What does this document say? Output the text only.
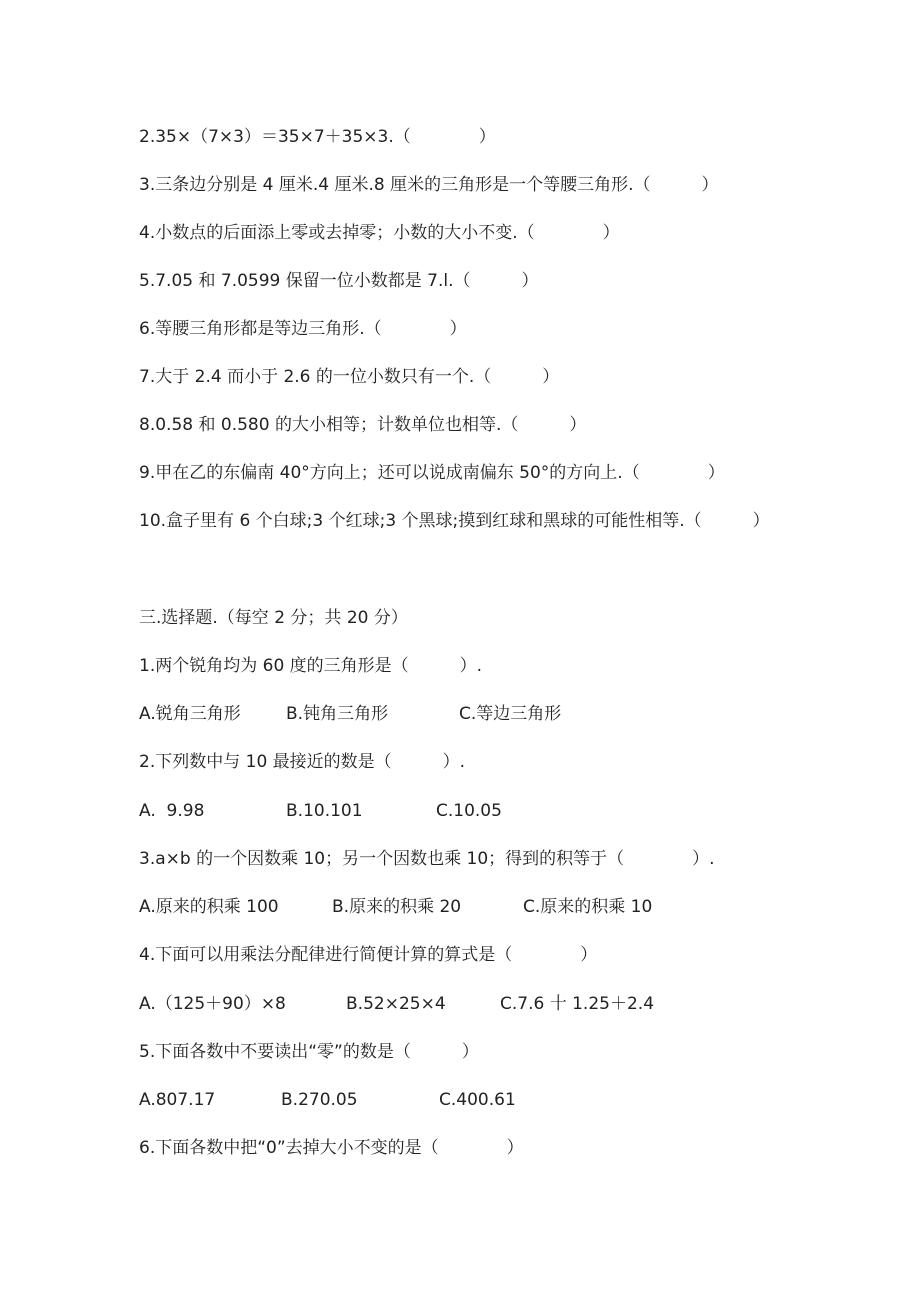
2.35×（7×3）＝35×7＋35×3.（　　　　）
3.三条边分别是 4 厘米.4 厘米.8 厘米的三角形是一个等腰三角形.（　　　）
4.小数点的后面添上零或去掉零；小数的大小不变.（　　　　）
5.7.05 和 7.0599 保留一位小数都是 7.l.（　　　）
6.等腰三角形都是等边三角形.（　　　　）
7.大于 2.4 而小于 2.6 的一位小数只有一个.（　　　）
8.0.58 和 0.580 的大小相等；计数单位也相等.（　　　）
9.甲在乙的东偏南 40°方向上；还可以说成南偏东 50°的方向上.（　　　　）
10.盒子里有 6 个白球;3 个红球;3 个黑球;摸到红球和黑球的可能性相等.（　　　）
三.选择题.（每空 2 分；共 20 分）
1.两个锐角均为 60 度的三角形是（　　　）.
A.锐角三角形	B.钝角三角形	C.等边三角形
2.下列数中与 10 最接近的数是（　　　）.
A.  9.98	B.10.101	C.10.05
3.a×b 的一个因数乘 10；另一个因数也乘 10；得到的积等于（　　　　）.
A.原来的积乘 100	B.原来的积乘 20	C.原来的积乘 10
4.下面可以用乘法分配律进行简便计算的算式是（　　　　）
A.（125＋90）×8	B.52×25×4	C.7.6 十 1.25＋2.4
5.下面各数中不要读出“零”的数是（　　　）
A.807.17	B.270.05	C.400.61
6.下面各数中把“0”去掉大小不变的是（　　　　）
